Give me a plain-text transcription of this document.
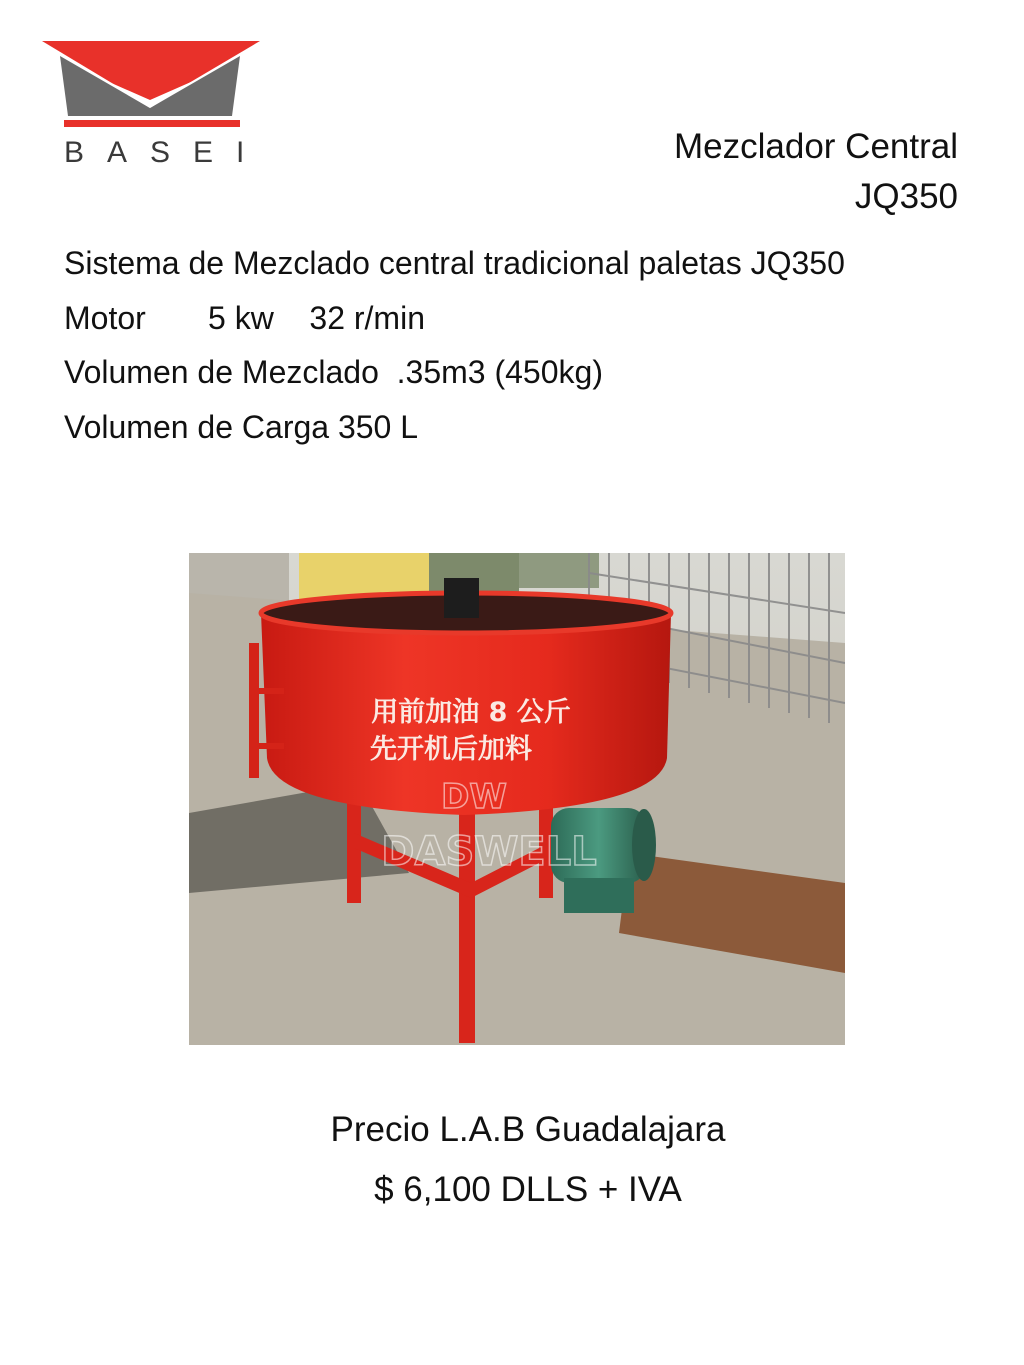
BASEI	Mezclador Central
JQ350
Sistema de Mezclado central tradicional paletas JQ350
Motor       5 kw    32 r/min
Volumen de Mezclado  .35m3 (450kg)
Volumen de Carga 350 L
用前加油 8 公斤
先开机后加料
DW
DASWELL
Precio L.A.B Guadalajara
$ 6,100 DLLS + IVA
